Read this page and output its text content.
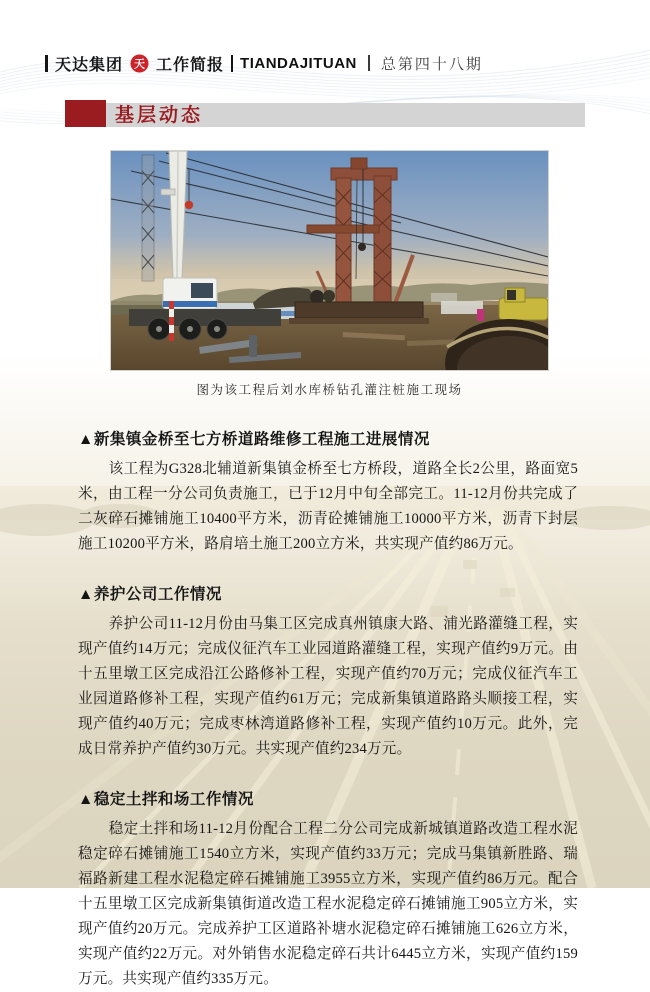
天达集团 天 工作简报 TIANDAJITUAN 总第四十八期
基层动态
图为该工程后刘水库桥钻孔灌注桩施工现场
▲新集镇金桥至七方桥道路维修工程施工进展情况

该工程为G328北辅道新集镇金桥至七方桥段，道路全长2公里，路面宽5米，由工程一分公司负责施工，已于12月中旬全部完工。11-12月份共完成了二灰碎石摊铺施工10400平方米，沥青砼摊铺施工10000平方米，沥青下封层施工10200平方米，路肩培土施工200立方米，共实现产值约86万元。

▲养护公司工作情况

养护公司11-12月份由马集工区完成真州镇康大路、浦光路灌缝工程，实现产值约14万元；完成仪征汽车工业园道路灌缝工程，实现产值约9万元。由十五里墩工区完成沿江公路修补工程，实现产值约70万元；完成仪征汽车工业园道路修补工程，实现产值约61万元；完成新集镇道路路头顺接工程，实现产值约40万元；完成枣林湾道路修补工程，实现产值约10万元。此外，完成日常养护产值约30万元。共实现产值约234万元。

▲稳定土拌和场工作情况

稳定土拌和场11-12月份配合工程二分公司完成新城镇道路改造工程水泥稳定碎石摊铺施工1540立方米，实现产值约33万元；完成马集镇新胜路、瑞福路新建工程水泥稳定碎石摊铺施工3955立方米，实现产值约86万元。配合十五里墩工区完成新集镇街道改造工程水泥稳定碎石摊铺施工905立方米，实现产值约20万元。完成养护工区道路补塘水泥稳定碎石摊铺施工626立方米，实现产值约22万元。对外销售水泥稳定碎石共计6445立方米，实现产值约159万元。共实现产值约335万元。
